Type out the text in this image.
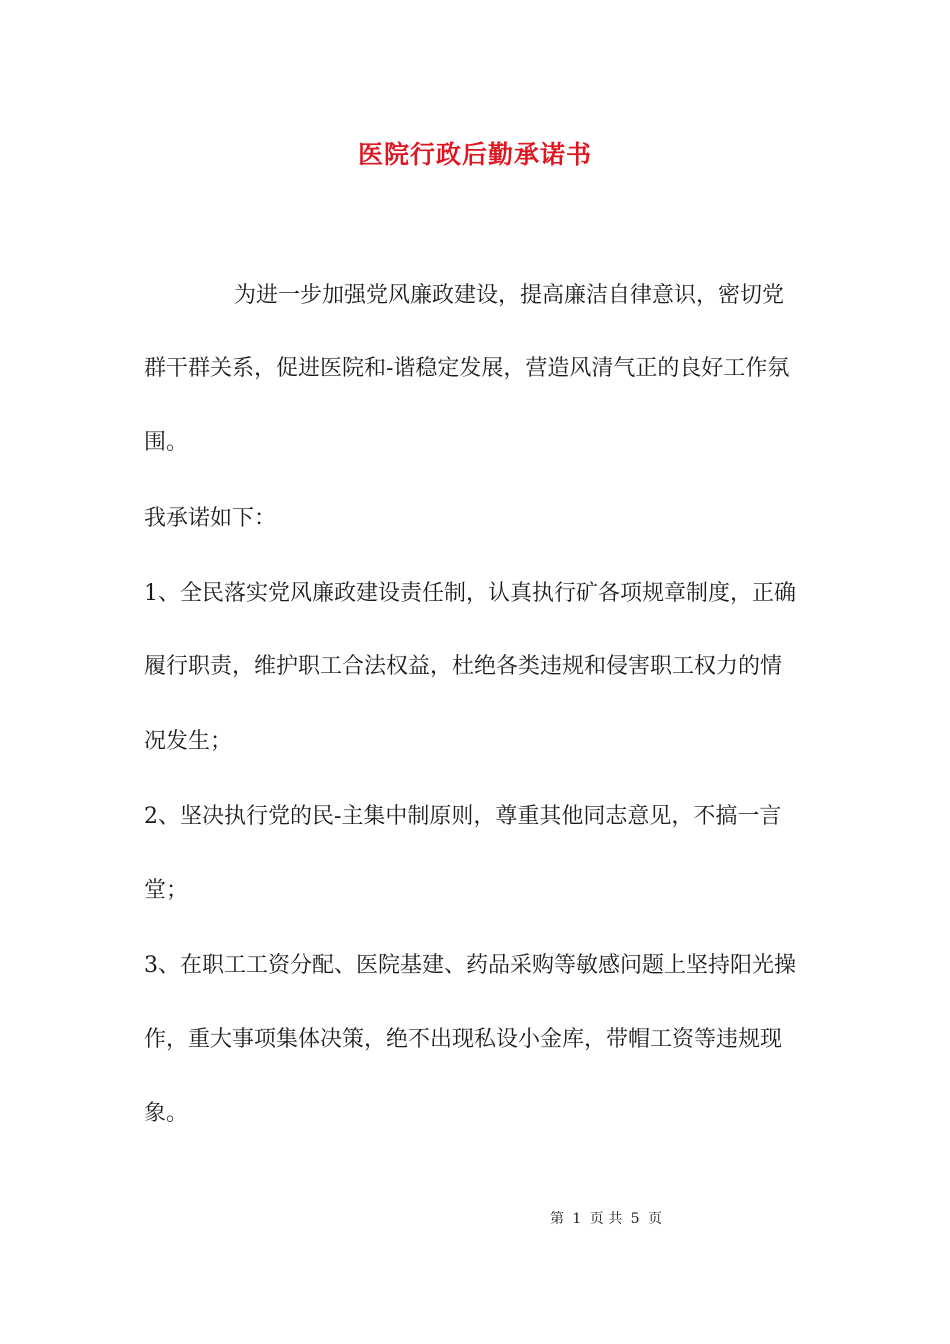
医院行政后勤承诺书

为进一步加强党风廉政建设，提高廉洁自律意识，密切党

群干群关系，促进医院和-谐稳定发展，营造风清气正的良好工作氛

围。

我承诺如下：

1、全民落实党风廉政建设责任制，认真执行矿各项规章制度，正确

履行职责，维护职工合法权益，杜绝各类违规和侵害职工权力的情

况发生；

2、坚决执行党的民-主集中制原则，尊重其他同志意见，不搞一言

堂；

3、在职工工资分配、医院基建、药品采购等敏感问题上坚持阳光操

作，重大事项集体决策，绝不出现私设小金库，带帽工资等违规现

象。

第 1 页 共 5 页
